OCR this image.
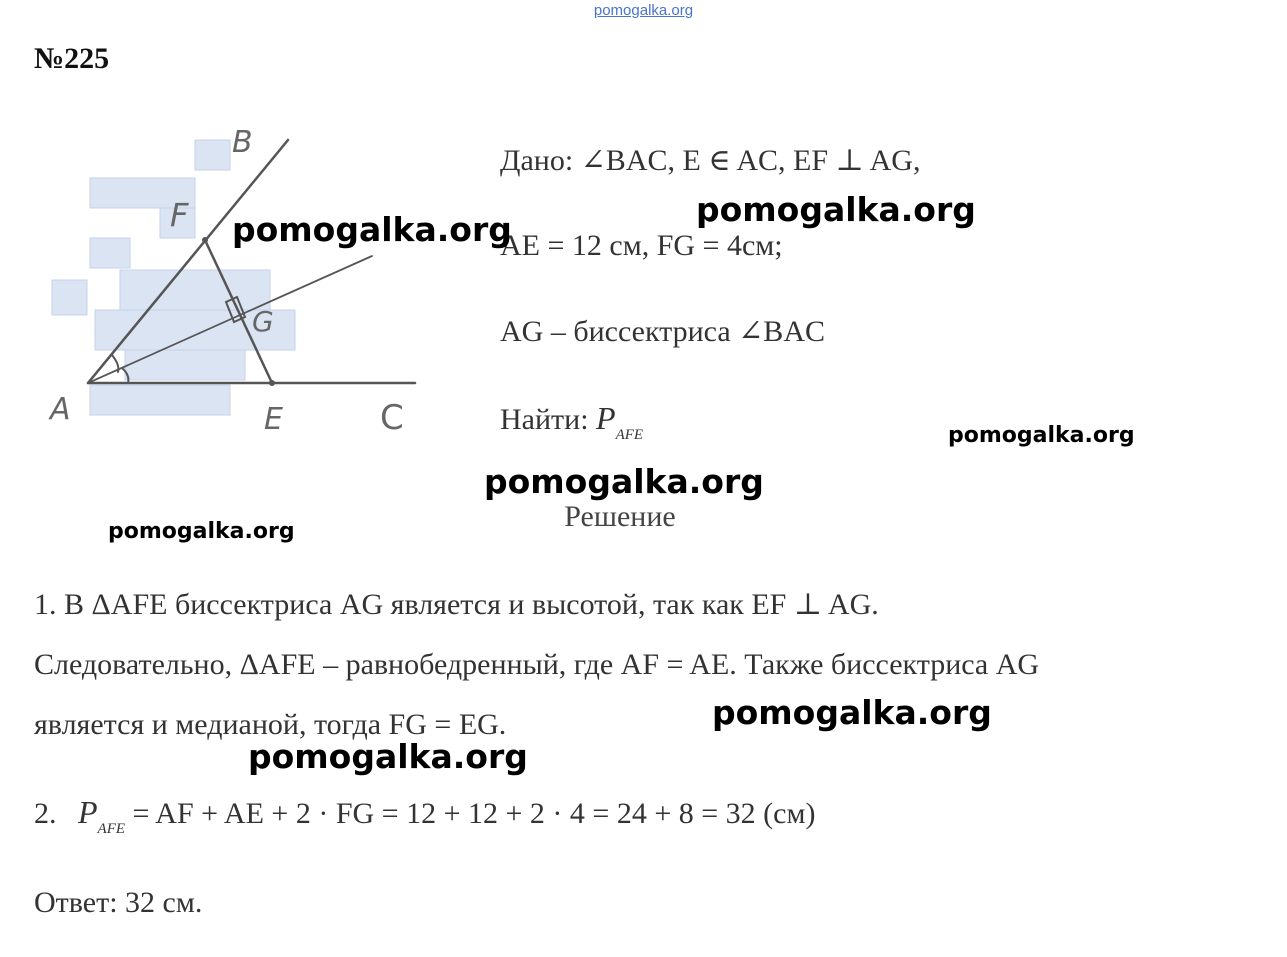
pomogalka.org
№225
B
F
G
A	E	C
Дано: ∠BAC, E ∈ AC, EF ⊥ AG,
AE = 12 см, FG = 4см;
AG – биссектриса ∠BAC
Найти: $P_{AFE}$
Решение
1. В ΔAFE биссектриса AG является и высотой, так как EF ⊥ AG.
Следовательно, ΔAFE – равнобедренный, где AF = AE. Также биссектриса AG
является и медианой, тогда FG = EG.
2. $P_{AFE}$ = AF + AE + 2 · FG = 12 + 12 + 2 · 4 = 24 + 8 = 32 (см)
Ответ: 32 см.
pomogalka.org
pomogalka.org
pomogalka.org
pomogalka.org
pomogalka.org
pomogalka.org
pomogalka.org
